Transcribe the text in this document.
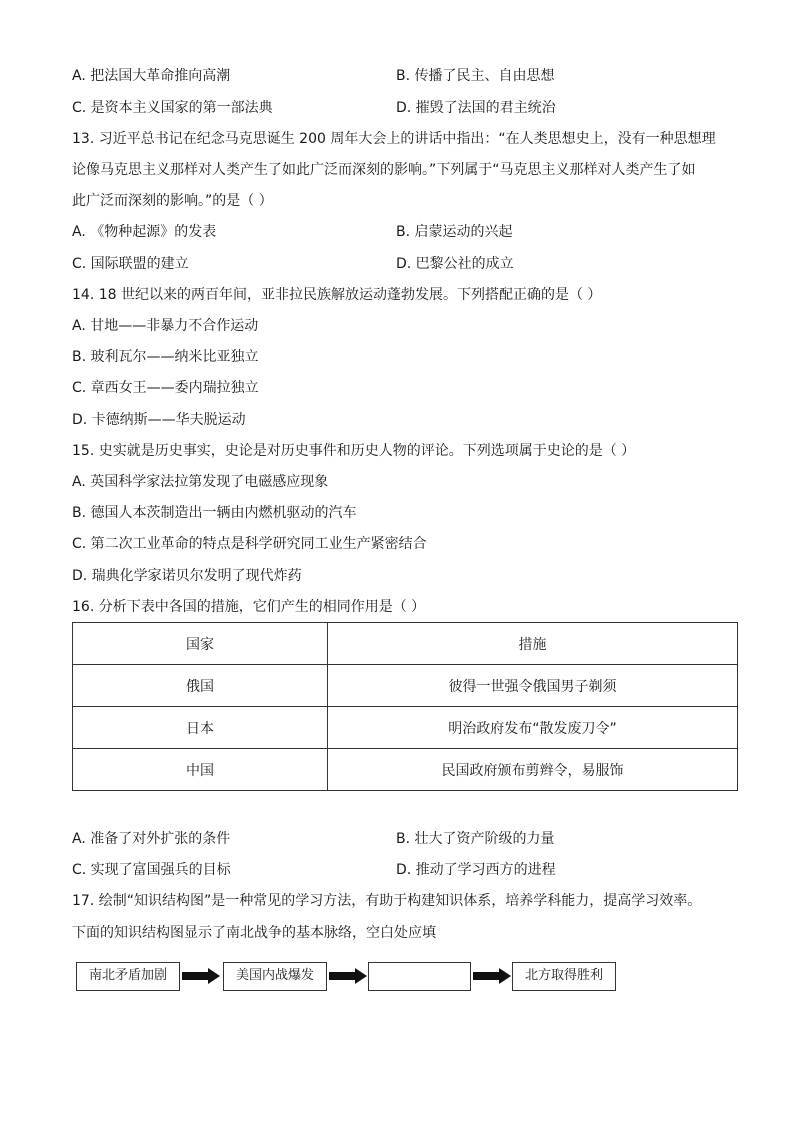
A. 把法国大革命推向高潮	B. 传播了民主、自由思想
C. 是资本主义国家的第一部法典	D. 摧毁了法国的君主统治
13. 习近平总书记在纪念马克思诞生 200 周年大会上的讲话中指出：“在人类思想史上，没有一种思想理
论像马克思主义那样对人类产生了如此广泛而深刻的影响。”下列属于“马克思主义那样对人类产生了如
此广泛而深刻的影响。”的是（ ）
A. 《物种起源》的发表	B. 启蒙运动的兴起
C. 国际联盟的建立	D. 巴黎公社的成立
14. 18 世纪以来的两百年间，亚非拉民族解放运动蓬勃发展。下列搭配正确的是（ ）
A. 甘地——非暴力不合作运动
B. 玻利瓦尔——纳米比亚独立
C. 章西女王——委内瑞拉独立
D. 卡德纳斯——华夫脱运动
15. 史实就是历史事实，史论是对历史事件和历史人物的评论。下列选项属于史论的是（ ）
A. 英国科学家法拉第发现了电磁感应现象
B. 德国人本茨制造出一辆由内燃机驱动的汽车
C. 第二次工业革命的特点是科学研究同工业生产紧密结合
D. 瑞典化学家诺贝尔发明了现代炸药
16. 分析下表中各国的措施，它们产生的相同作用是（ ）
国家	措施
俄国	彼得一世强令俄国男子剃须
日本	明治政府发布“散发废刀令”
中国	民国政府颁布剪辫令，易服饰
A. 准备了对外扩张的条件	B. 壮大了资产阶级的力量
C. 实现了富国强兵的目标	D. 推动了学习西方的进程
17. 绘制“知识结构图”是一种常见的学习方法，有助于构建知识体系，培养学科能力，提高学习效率。
下面的知识结构图显示了南北战争的基本脉络，空白处应填
南北矛盾加剧	美国内战爆发	北方取得胜利
